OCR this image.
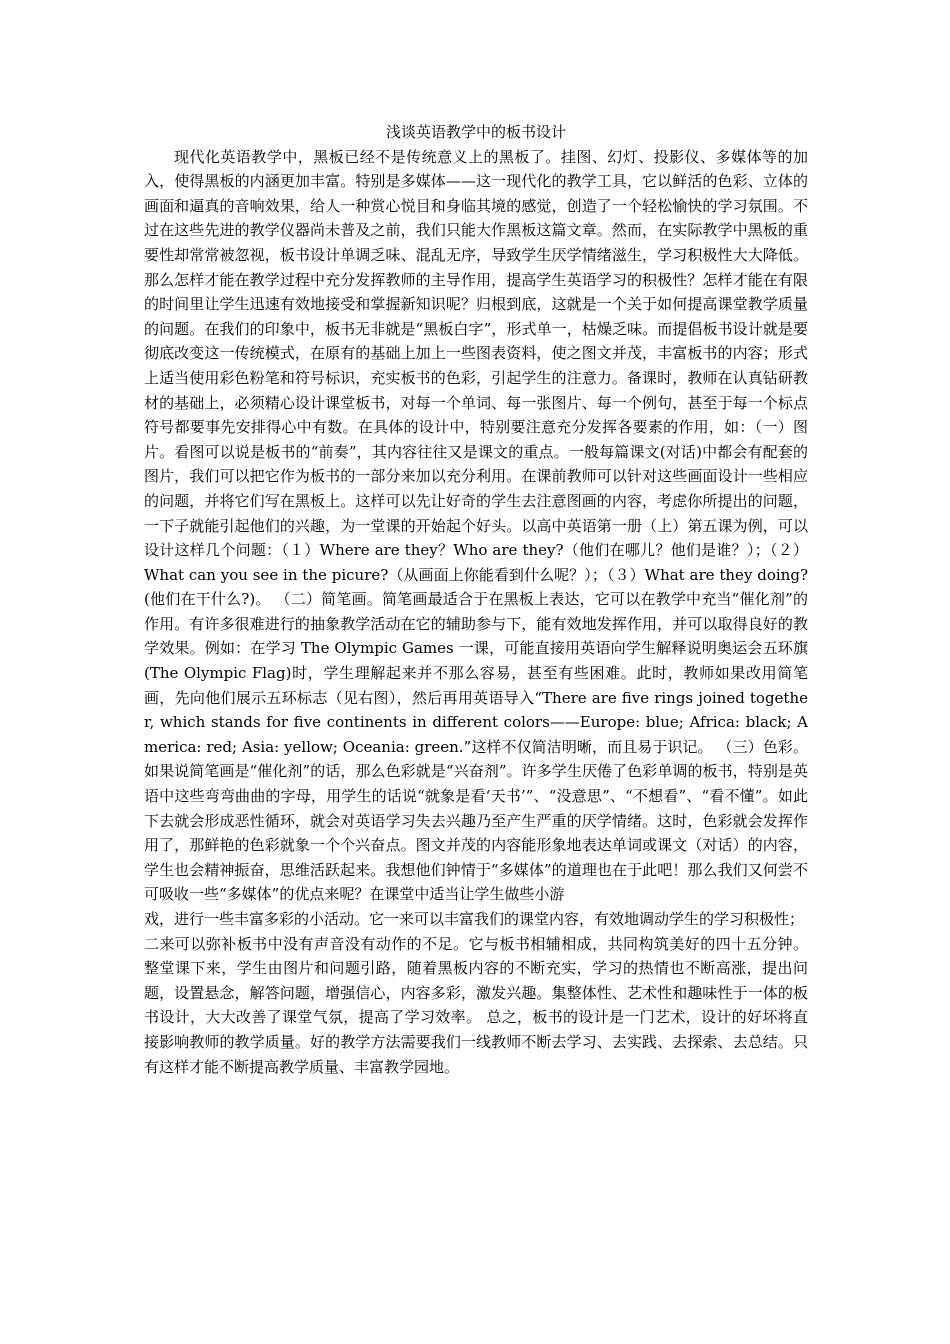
浅谈英语教学中的板书设计

现代化英语教学中，黑板已经不是传统意义上的黑板了。挂图、幻灯、投影仪、多媒体等的加入，使得黑板的内涵更加丰富。特别是多媒体——这一现代化的教学工具，它以鲜活的色彩、立体的画面和逼真的音响效果，给人一种赏心悦目和身临其境的感觉，创造了一个轻松愉快的学习氛围。不过在这些先进的教学仪器尚未普及之前，我们只能大作黑板这篇文章。然而，在实际教学中黑板的重要性却常常被忽视，板书设计单调乏味、混乱无序，导致学生厌学情绪滋生，学习积极性大大降低。那么怎样才能在教学过程中充分发挥教师的主导作用，提高学生英语学习的积极性？怎样才能在有限的时间里让学生迅速有效地接受和掌握新知识呢？归根到底，这就是一个关于如何提高课堂教学质量的问题。在我们的印象中，板书无非就是“黑板白字”，形式单一，枯燥乏味。而提倡板书设计就是要彻底改变这一传统模式，在原有的基础上加上一些图表资料，使之图文并茂，丰富板书的内容；形式上适当使用彩色粉笔和符号标识，充实板书的色彩，引起学生的注意力。备课时，教师在认真钻研教材的基础上，必须精心设计课堂板书，对每一个单词、每一张图片、每一个例句，甚至于每一个标点符号都要事先安排得心中有数。在具体的设计中，特别要注意充分发挥各要素的作用，如：（一）图片。看图可以说是板书的“前奏”，其内容往往又是课文的重点。一般每篇课文(对话)中都会有配套的图片，我们可以把它作为板书的一部分来加以充分利用。在课前教师可以针对这些画面设计一些相应的问题，并将它们写在黑板上。这样可以先让好奇的学生去注意图画的内容，考虑你所提出的问题，一下子就能引起他们的兴趣，为一堂课的开始起个好头。以高中英语第一册（上）第五课为例，可以设计这样几个问题：（１）Where are they？Who are they?（他们在哪儿？他们是谁？）；（２）What can you see in the picure?（从画面上你能看到什么呢？）；（３）What are they doing?(他们在干什么?)。 （二）简笔画。简笔画最适合于在黑板上表达，它可以在教学中充当“催化剂”的作用。有许多很难进行的抽象教学活动在它的辅助参与下，能有效地发挥作用，并可以取得良好的教学效果。例如：在学习 The Olympic Games 一课，可能直接用英语向学生解释说明奥运会五环旗(The Olympic Flag)时，学生理解起来并不那么容易，甚至有些困难。此时，教师如果改用简笔画，先向他们展示五环标志（见右图），然后再用英语导入“There are five rings joined together, which stands for five continents in different colors——Europe: blue; Africa: black; America: red; Asia: yellow; Oceania: green.”这样不仅简洁明晰，而且易于识记。 （三）色彩。如果说简笔画是“催化剂”的话，那么色彩就是“兴奋剂”。许多学生厌倦了色彩单调的板书，特别是英语中这些弯弯曲曲的字母，用学生的话说“就象是看‘天书’”、“没意思”、“不想看”、“看不懂”。如此下去就会形成恶性循环，就会对英语学习失去兴趣乃至产生严重的厌学情绪。这时，色彩就会发挥作用了，那鲜艳的色彩就象一个个兴奋点。图文并茂的内容能形象地表达单词或课文（对话）的内容，学生也会精神振奋，思维活跃起来。我想他们钟情于“多媒体”的道理也在于此吧！那么我们又何尝不可吸收一些“多媒体”的优点来呢？在课堂中适当让学生做些小游

戏，进行一些丰富多彩的小活动。它一来可以丰富我们的课堂内容，有效地调动学生的学习积极性；

二来可以弥补板书中没有声音没有动作的不足。它与板书相辅相成，共同构筑美好的四十五分钟。 整堂课下来，学生由图片和问题引路，随着黑板内容的不断充实，学习的热情也不断高涨，提出问题，设置悬念，解答问题，增强信心，内容多彩，激发兴趣。集整体性、艺术性和趣味性于一体的板书设计，大大改善了课堂气氛，提高了学习效率。 总之，板书的设计是一门艺术，设计的好坏将直接影响教师的教学质量。好的教学方法需要我们一线教师不断去学习、去实践、去探索、去总结。只有这样才能不断提高教学质量、丰富教学园地。
